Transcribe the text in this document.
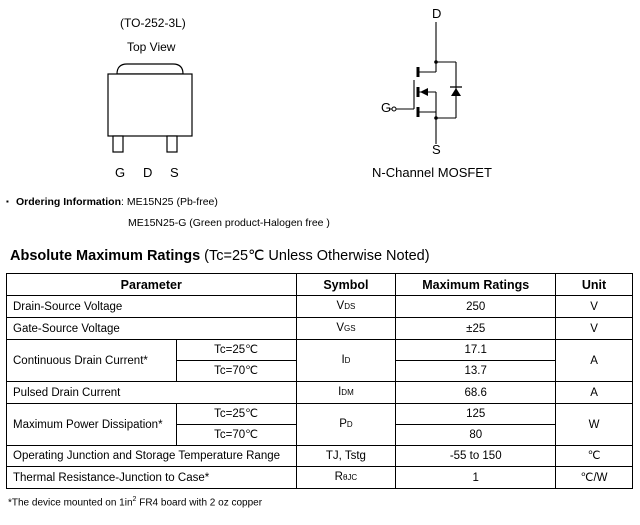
(TO-252-3L)
Top View
G D S
D
G
S
N-Channel MOSFET
▪ Ordering Information: ME15N25 (Pb-free)
ME15N25-G (Green product-Halogen free )
Absolute Maximum Ratings (Tc=25℃ Unless Otherwise Noted)
Parameter		Symbol	Maximum Ratings	Unit
Drain-Source Voltage		VDS	250	V
Gate-Source Voltage		VGS	±25	V
Continuous Drain Current*	Tc=25℃	ID	17.1	A
	Tc=70℃		13.7	
Pulsed Drain Current		IDM	68.6	A
Maximum Power Dissipation*	Tc=25℃	PD	125	W
	Tc=70℃		80	
Operating Junction and Storage Temperature Range		TJ, Tstg	-55 to 150	℃
Thermal Resistance-Junction to Case*		RθJC	1	℃/W
*The device mounted on $1in^2$ FR4 board with 2 oz copper
